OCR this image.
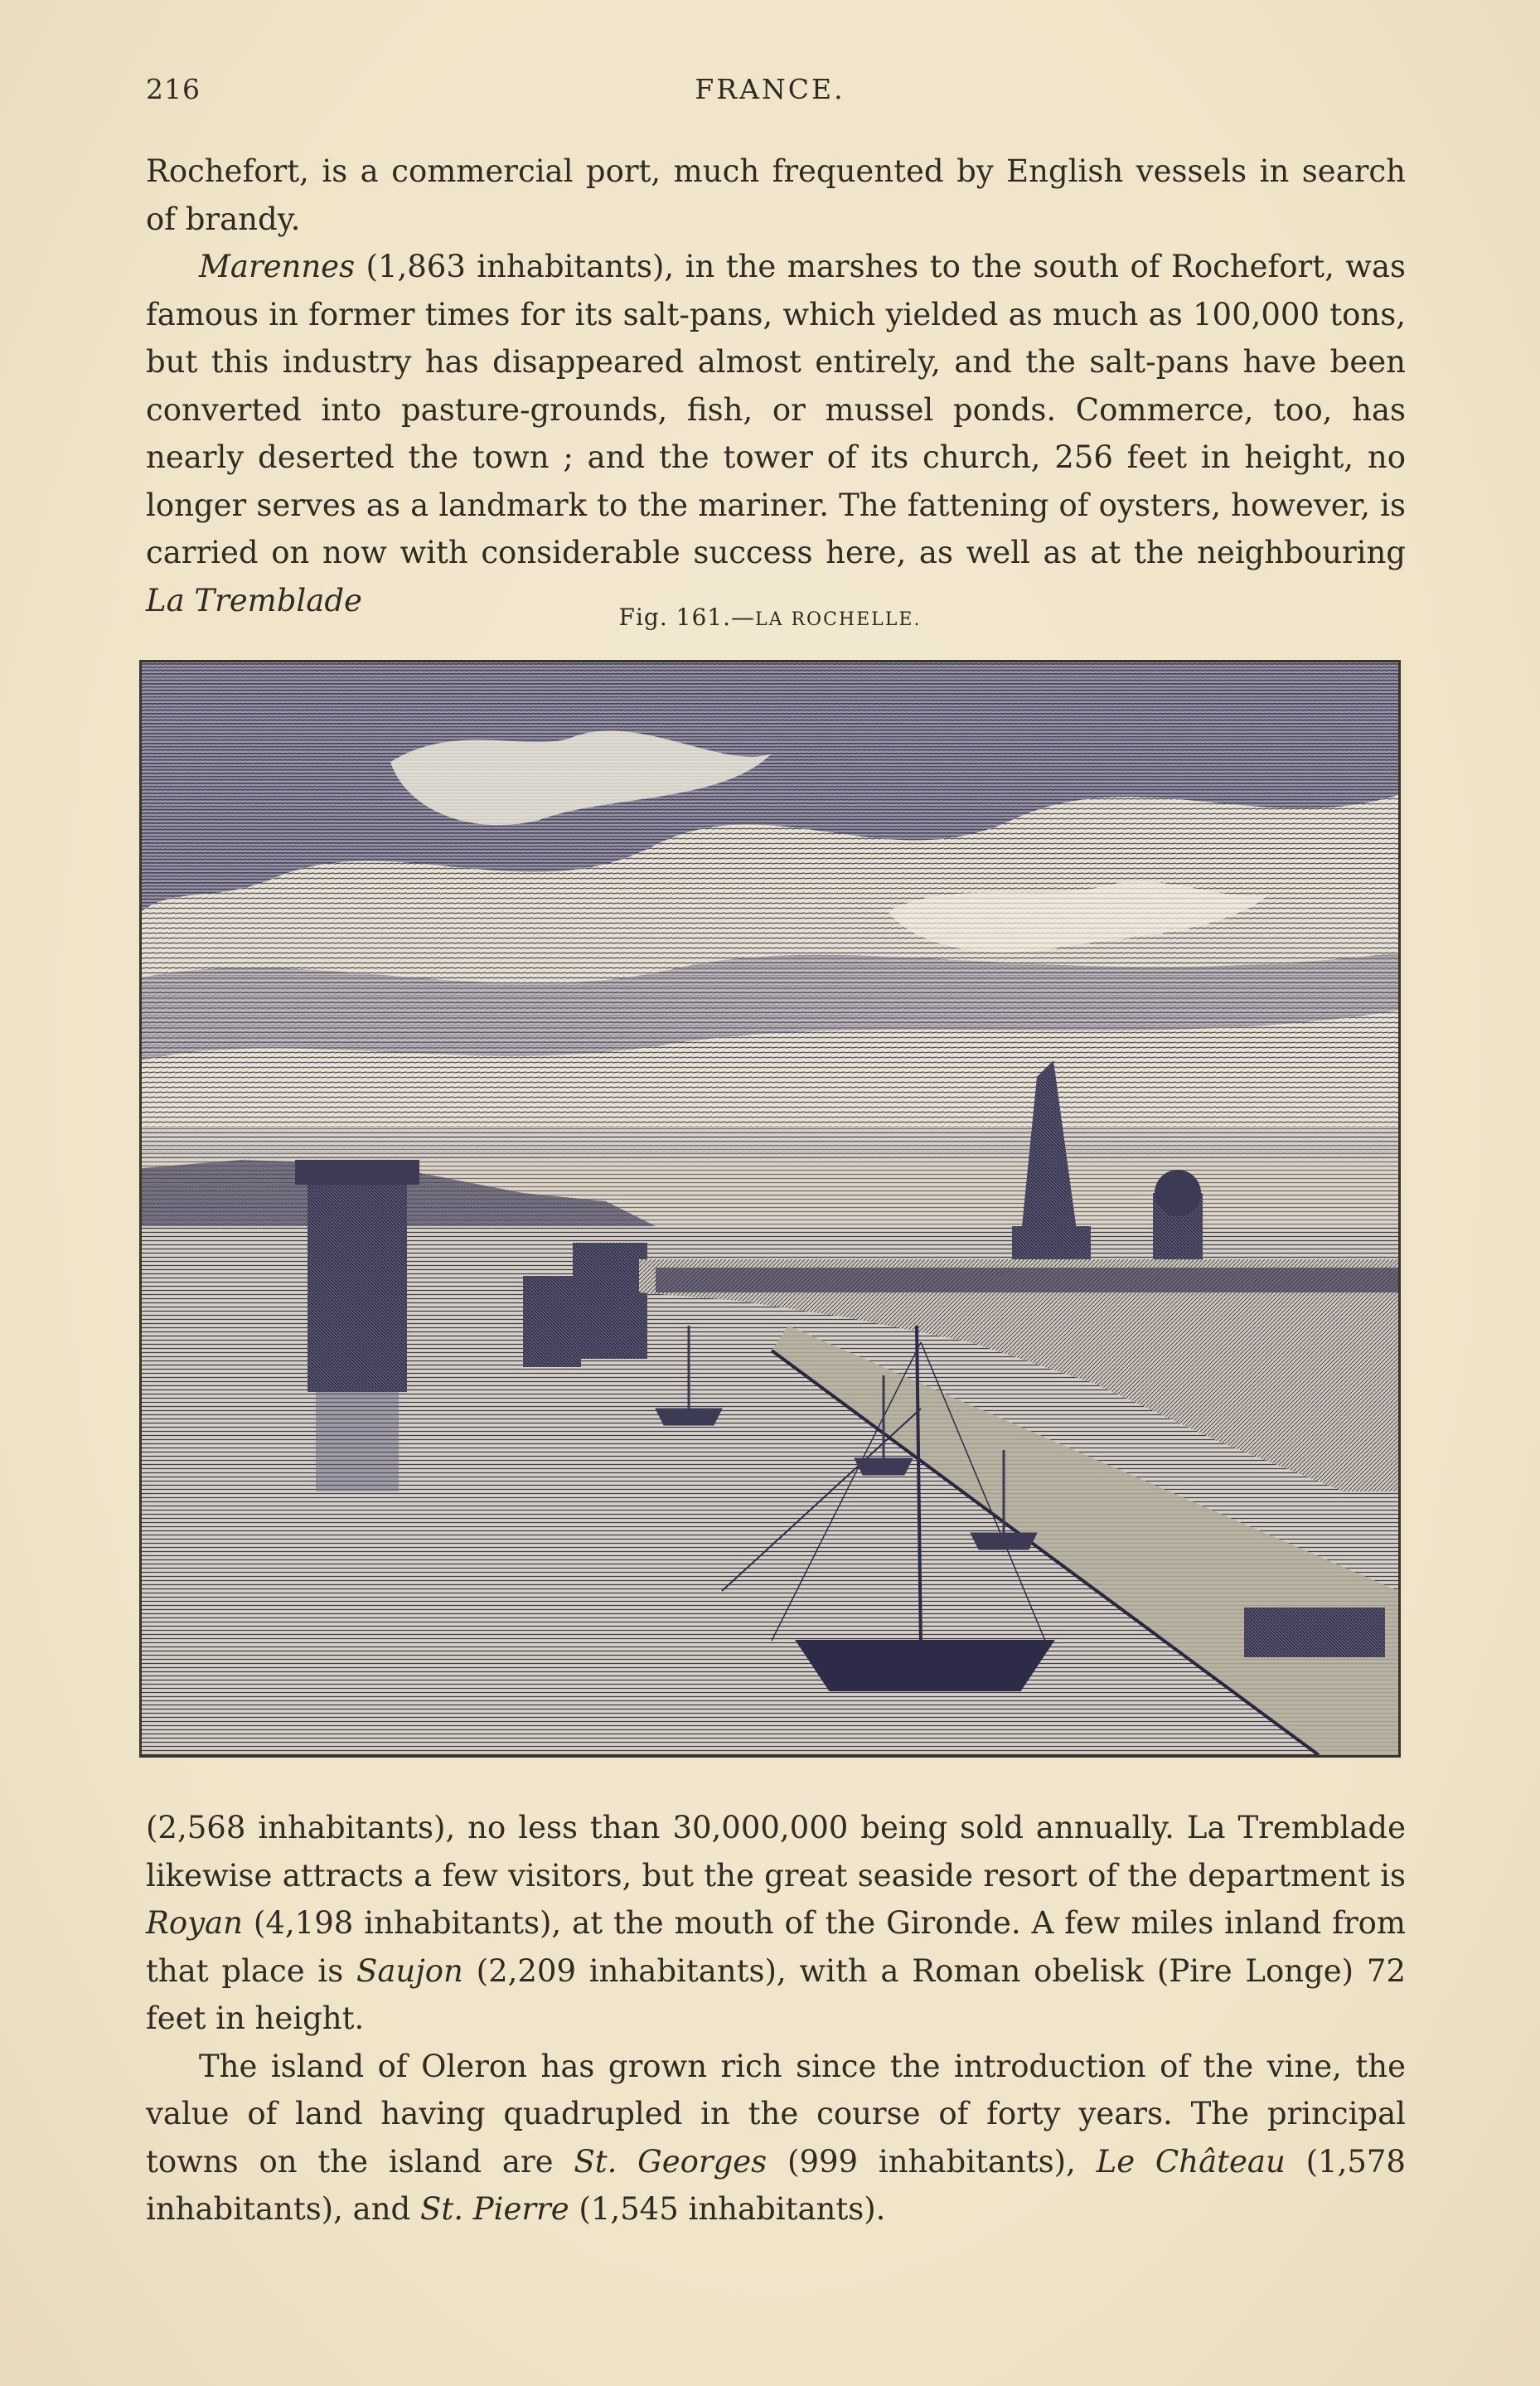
216	FRANCE.

Rochefort, is a commercial port, much frequented by English vessels in search of brandy.

Marennes (1,863 inhabitants), in the marshes to the south of Rochefort, was famous in former times for its salt-pans, which yielded as much as 100,000 tons, but this industry has disappeared almost entirely, and the salt-pans have been converted into pasture-grounds, fish, or mussel ponds. Commerce, too, has nearly deserted the town ; and the tower of its church, 256 feet in height, no longer serves as a landmark to the mariner. The fattening of oysters, however, is carried on now with considerable success here, as well as at the neighbouring La Tremblade	Fig. 161.—LA ROCHELLE.

(2,568 inhabitants), no less than 30,000,000 being sold annually. La Tremblade likewise attracts a few visitors, but the great seaside resort of the department is Royan (4,198 inhabitants), at the mouth of the Gironde. A few miles inland from that place is Saujon (2,209 inhabitants), with a Roman obelisk (Pire Longe) 72 feet in height.

The island of Oleron has grown rich since the introduction of the vine, the value of land having quadrupled in the course of forty years. The principal towns on the island are St. Georges (999 inhabitants), Le Château (1,578 inhabitants), and St. Pierre (1,545 inhabitants).
